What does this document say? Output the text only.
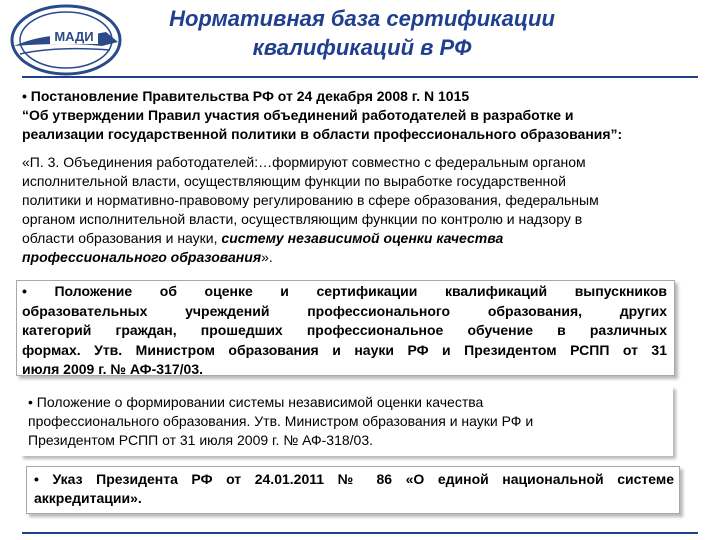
МАДИ
Нормативная база сертификации
квалификаций в РФ
• Постановление Правительства РФ от 24 декабря 2008 г. N 1015
“Об утверждении Правил участия объединений работодателей в разработке и
реализации государственной политики в области профессионального образования”:
«П. 3. Объединения работодателей:…формируют совместно с федеральным органом
исполнительной власти, осуществляющим функции по выработке государственной
политики и нормативно-правовому регулированию в сфере образования, федеральным
органом исполнительной власти, осуществляющим функции по контролю и надзору в
области образования и науки, систему независимой оценки качества
профессионального образования».
• Положение об оценке и сертификации квалификаций выпускников
образовательных учреждений профессионального образования, других
категорий граждан, прошедших профессиональное обучение в различных
формах. Утв. Министром образования и науки РФ и Президентом РСПП от 31
июля 2009 г. № АФ-317/03.
• Положение о формировании системы независимой оценки качества
профессионального образования. Утв. Министром образования и науки РФ и
Президентом РСПП от 31 июля 2009 г. № АФ-318/03.
• Указ Президента РФ от 24.01.2011 № 86 «О единой национальной системе
аккредитации».
